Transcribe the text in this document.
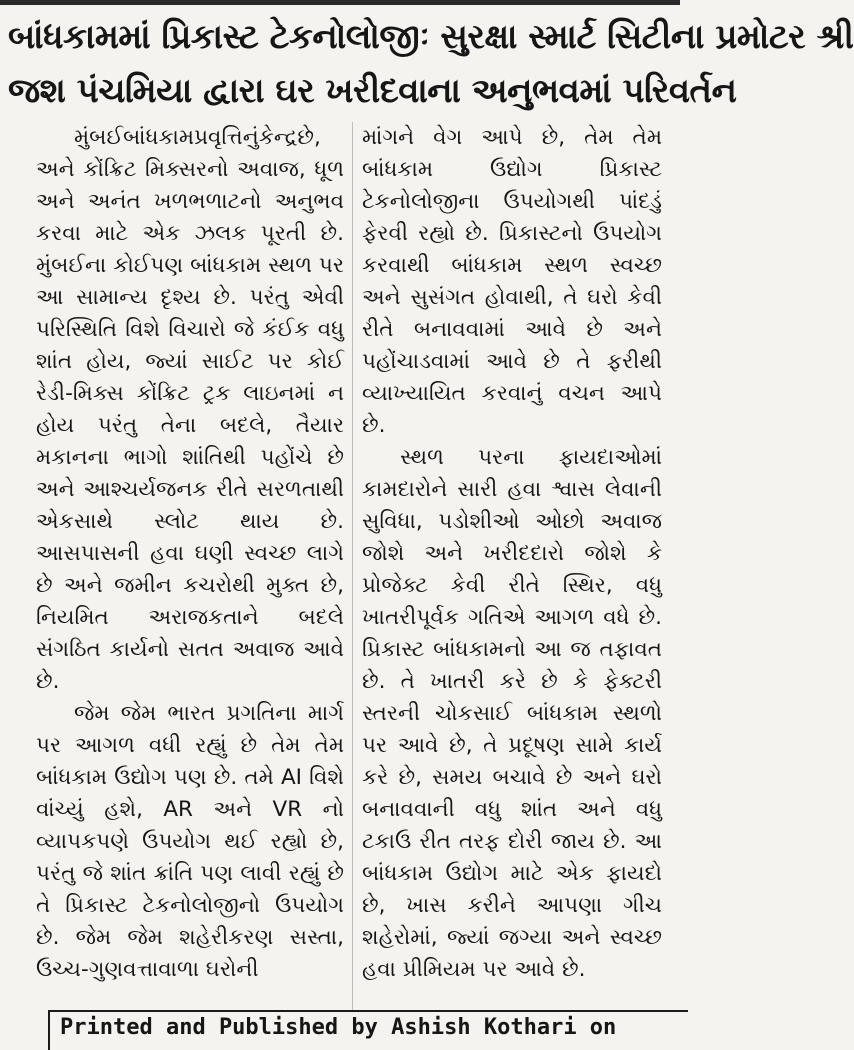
બાંધકામમાં પ્રિકાસ્ટ ટેકનોલોજીઃ સુરક્ષા સ્માર્ટ સિટીના પ્રમોટર શ્રી
જશ પંચમિયા દ્વારા ઘર ખરીદવાના અનુભવમાં પરિવર્તન

મુંબઈબાંધકામપ્રવૃત્તિનુંકેન્દ્રછે, અને કોંક્રિટ મિક્સરનો અવાજ, ધૂળ અને અનંત ખળભળાટનો અનુભવ કરવા માટે એક ઝલક પૂરતી છે. મુંબઈના કોઈપણ બાંધકામ સ્થળ પર આ સામાન્ય દૃશ્ય છે. પરંતુ એવી પરિસ્થિતિ વિશે વિચારો જે કંઈક વધુ શાંત હોય, જ્યાં સાઈટ પર કોઈ રેડી-મિક્સ કોંક્રિટ ટ્રક લાઇનમાં ન હોય પરંતુ તેના બદલે, તૈયાર મકાનના ભાગો શાંતિથી પહોંચે છે અને આશ્ચર્યજનક રીતે સરળતાથી એકસાથે સ્લોટ થાય છે. આસપાસની હવા ઘણી સ્વચ્છ લાગે છે અને જમીન કચરોથી મુક્ત છે, નિયમિત અરાજકતાને બદલે સંગઠિત કાર્યનો સતત અવાજ આવે છે.

જેમ જેમ ભારત પ્રગતિના માર્ગ પર આગળ વધી રહ્યું છે તેમ તેમ બાંધકામ ઉદ્યોગ પણ છે. તમે AI વિશે વાંચ્યું હશે, AR અને VR નો વ્યાપકપણે ઉપયોગ થઈ રહ્યો છે, પરંતુ જે શાંત ક્રાંતિ પણ લાવી રહ્યું છે તે પ્રિકાસ્ટ ટેકનોલોજીનો ઉપયોગ છે. જેમ જેમ શહેરીકરણ સસ્તા, ઉચ્ચ-ગુણવત્તાવાળા ઘરોની

માંગને વેગ આપે છે, તેમ તેમ બાંધકામ ઉદ્યોગ પ્રિકાસ્ટ ટેકનોલોજીના ઉપયોગથી પાંદડું ફેરવી રહ્યો છે. પ્રિકાસ્ટનો ઉપયોગ કરવાથી બાંધકામ સ્થળ સ્વચ્છ અને સુસંગત હોવાથી, તે ઘરો કેવી રીતે બનાવવામાં આવે છે અને પહોંચાડવામાં આવે છે તે ફરીથી વ્યાખ્યાયિત કરવાનું વચન આપે છે.

સ્થળ પરના ફાયદાઓમાં કામદારોને સારી હવા શ્વાસ લેવાની સુવિધા, પડોશીઓ ઓછો અવાજ જોશે અને ખરીદદારો જોશે કે પ્રોજેક્ટ કેવી રીતે સ્થિર, વધુ ખાતરીપૂર્વક ગતિએ આગળ વધે છે. પ્રિકાસ્ટ બાંધકામનો આ જ તફાવત છે. તે ખાતરી કરે છે કે ફેક્ટરી સ્તરની ચોકસાઈ બાંધકામ સ્થળો પર આવે છે, તે પ્રદૂષણ સામે કાર્ય કરે છે, સમય બચાવે છે અને ઘરો બનાવવાની વધુ શાંત અને વધુ ટકાઉ રીત તરફ દોરી જાય છે. આ બાંધકામ ઉદ્યોગ માટે એક ફાયદો છે, ખાસ કરીને આપણા ગીચ શહેરોમાં, જ્યાં જગ્યા અને સ્વચ્છ હવા પ્રીમિયમ પર આવે છે.

Printed and Published by Ashish Kothari on
